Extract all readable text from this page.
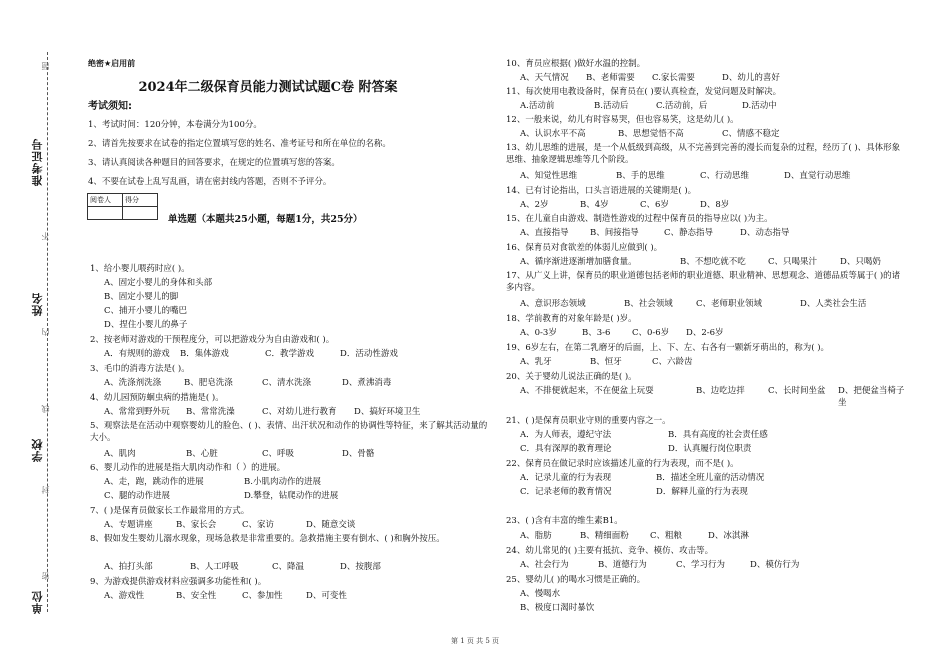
准考证号
姓名
学校
单位
题
不
内
线
封
密
绝密★启用前
2024年二级保育员能力测试试题C卷 附答案
考试须知:
1、考试时间：120分钟，本卷满分为100分。
2、请首先按要求在试卷的指定位置填写您的姓名、准考证号和所在单位的名称。
3、请认真阅读各种题目的回答要求，在规定的位置填写您的答案。
4、不要在试卷上乱写乱画，请在密封线内答题，否则不予评分。
阅卷人	得分

单选题（本题共25小题，每题1分，共25分）
1、给小婴儿喂药时应( )。
A、固定小婴儿的身体和头部
B、固定小婴儿的脚
C、捕开小婴儿的嘴巴
D、捏住小婴儿的鼻子
2、按老师对游戏的干预程度分，可以把游戏分为自由游戏和( )。
A．有规则的游戏 B．集体游戏	C．教学游戏	D．活动性游戏
3、毛巾的消毒方法是( )。
A、洗涤剂洗涤	B、肥皂洗涤	C、清水洗涤	D、煮沸消毒
4、幼儿园预防蛔虫病的措施是( )。
A、常常到野外玩 B、常常洗澡	C、对幼儿进行教育 D、搞好环境卫生
5、观察法是在活动中观察婴幼儿的脸色、( )、表情、出汗状况和动作的协调性等特征，来了解其活动量的大小。
A、肌肉	B、心脏	C、呼吸	D、骨骼
6、婴儿动作的进展是指大肌肉动作和（ ）的进展。
A、走，跑，跳动作的进展	B.小肌肉动作的进展
C、腿的动作进展	D.攀登，钻爬动作的进展
7、( )是保育员做家长工作最常用的方式。
A、专题讲座	B、家长会	C、家访	D、随意交谈
8、假如发生婴幼儿溺水现象，现场急救是非常重要的。急救措施主要有倒水、( )和胸外按压。
A、拍打头部	B、人工呼吸	C、降温	D、按腹部
9、为游戏提供游戏材料应强调多功能性和( )。
A、游戏性	B、安全性	C、参加性	D、可变性
10、育员应根据( )做好水温的控制。
A、天气情况 B、老师需要 C.家长需要	D、幼儿的喜好
11、每次使用电教设备时，保育员在( )要认真检查，发觉问题及时解决。
A.活动前	B.活动后	C.活动前，后	D.活动中
12、一般来说，幼儿有时容易哭，但也容易笑，这是幼儿( )。
A、认识水平不高	B、思想觉悟不高	C、情感不稳定
13、幼儿思维的进展，是一个从低级到高级，从不完善到完善的漫长而复杂的过程，经历了( )、具体形象思维、抽象逻辑思维等几个阶段。
A、知觉性思维	B、手的思维	C、行动思维	D、直觉行动思维
14、已有讨论指出，口头言语进展的关键期是( )。
A、2岁	B、4岁	C、6岁	D、8岁
15、在儿童自由游戏、制造性游戏的过程中保育员的指导应以( )为主。
A、直接指导	B、间接指导	C、静态指导	D、动态指导
16、保育员对食欲差的体弱儿应做到( )。
A、循序渐进逐渐增加膳食量。	B、不想吃就不吃	C、只喝果汁	D、只喝奶
17、从广义上讲，保育员的职业道德包括老师的职业道德、职业精神、思想观念、道德品质等属于( )的诸多内容。
A、意识形态领域	B、社会领域	C、老师职业领域	D、人类社会生活
18、学前教育的对象年龄是( )岁。
A、0-3岁	B、3-6	C、0-6岁 D、2-6岁
19、6岁左右，在第二乳磨牙的后面，上、下、左、右各有一颗新牙萌出的，称为( )。
A、乳牙	B、恒牙	C、六龄齿
20、关于婴幼儿说法正确的是( )。
A、不排便就起来，不在便盆上玩耍	B、边吃边拌	C、长时间坐盆 D、把便盆当椅子坐
21、( )是保育员职业守则的重要内容之一。
A．为人师表，遵纪守法	B．具有高度的社会责任感
C．具有深厚的教育理论	D．认真履行岗位职责
22、保育员在做记录时应该描述儿童的行为表现，而不是( )。
A．记录儿童的行为表现	B．描述全班儿童的活动情况
C．记录老师的教育情况	D．解释儿童的行为表现
23、( )含有丰富的维生素B1。
A、脂肪	B、精细面粉	C、粗粮	D、冰淇淋
24、幼儿常见的( )主要有抵抗、竞争、模仿、攻击等。
A、社会行为	B、道德行为	C、学习行为	D、模仿行为
25、婴幼儿( )的喝水习惯是正确的。
A、慢喝水
B、极度口渴时暴饮
第 1 页 共 5 页
